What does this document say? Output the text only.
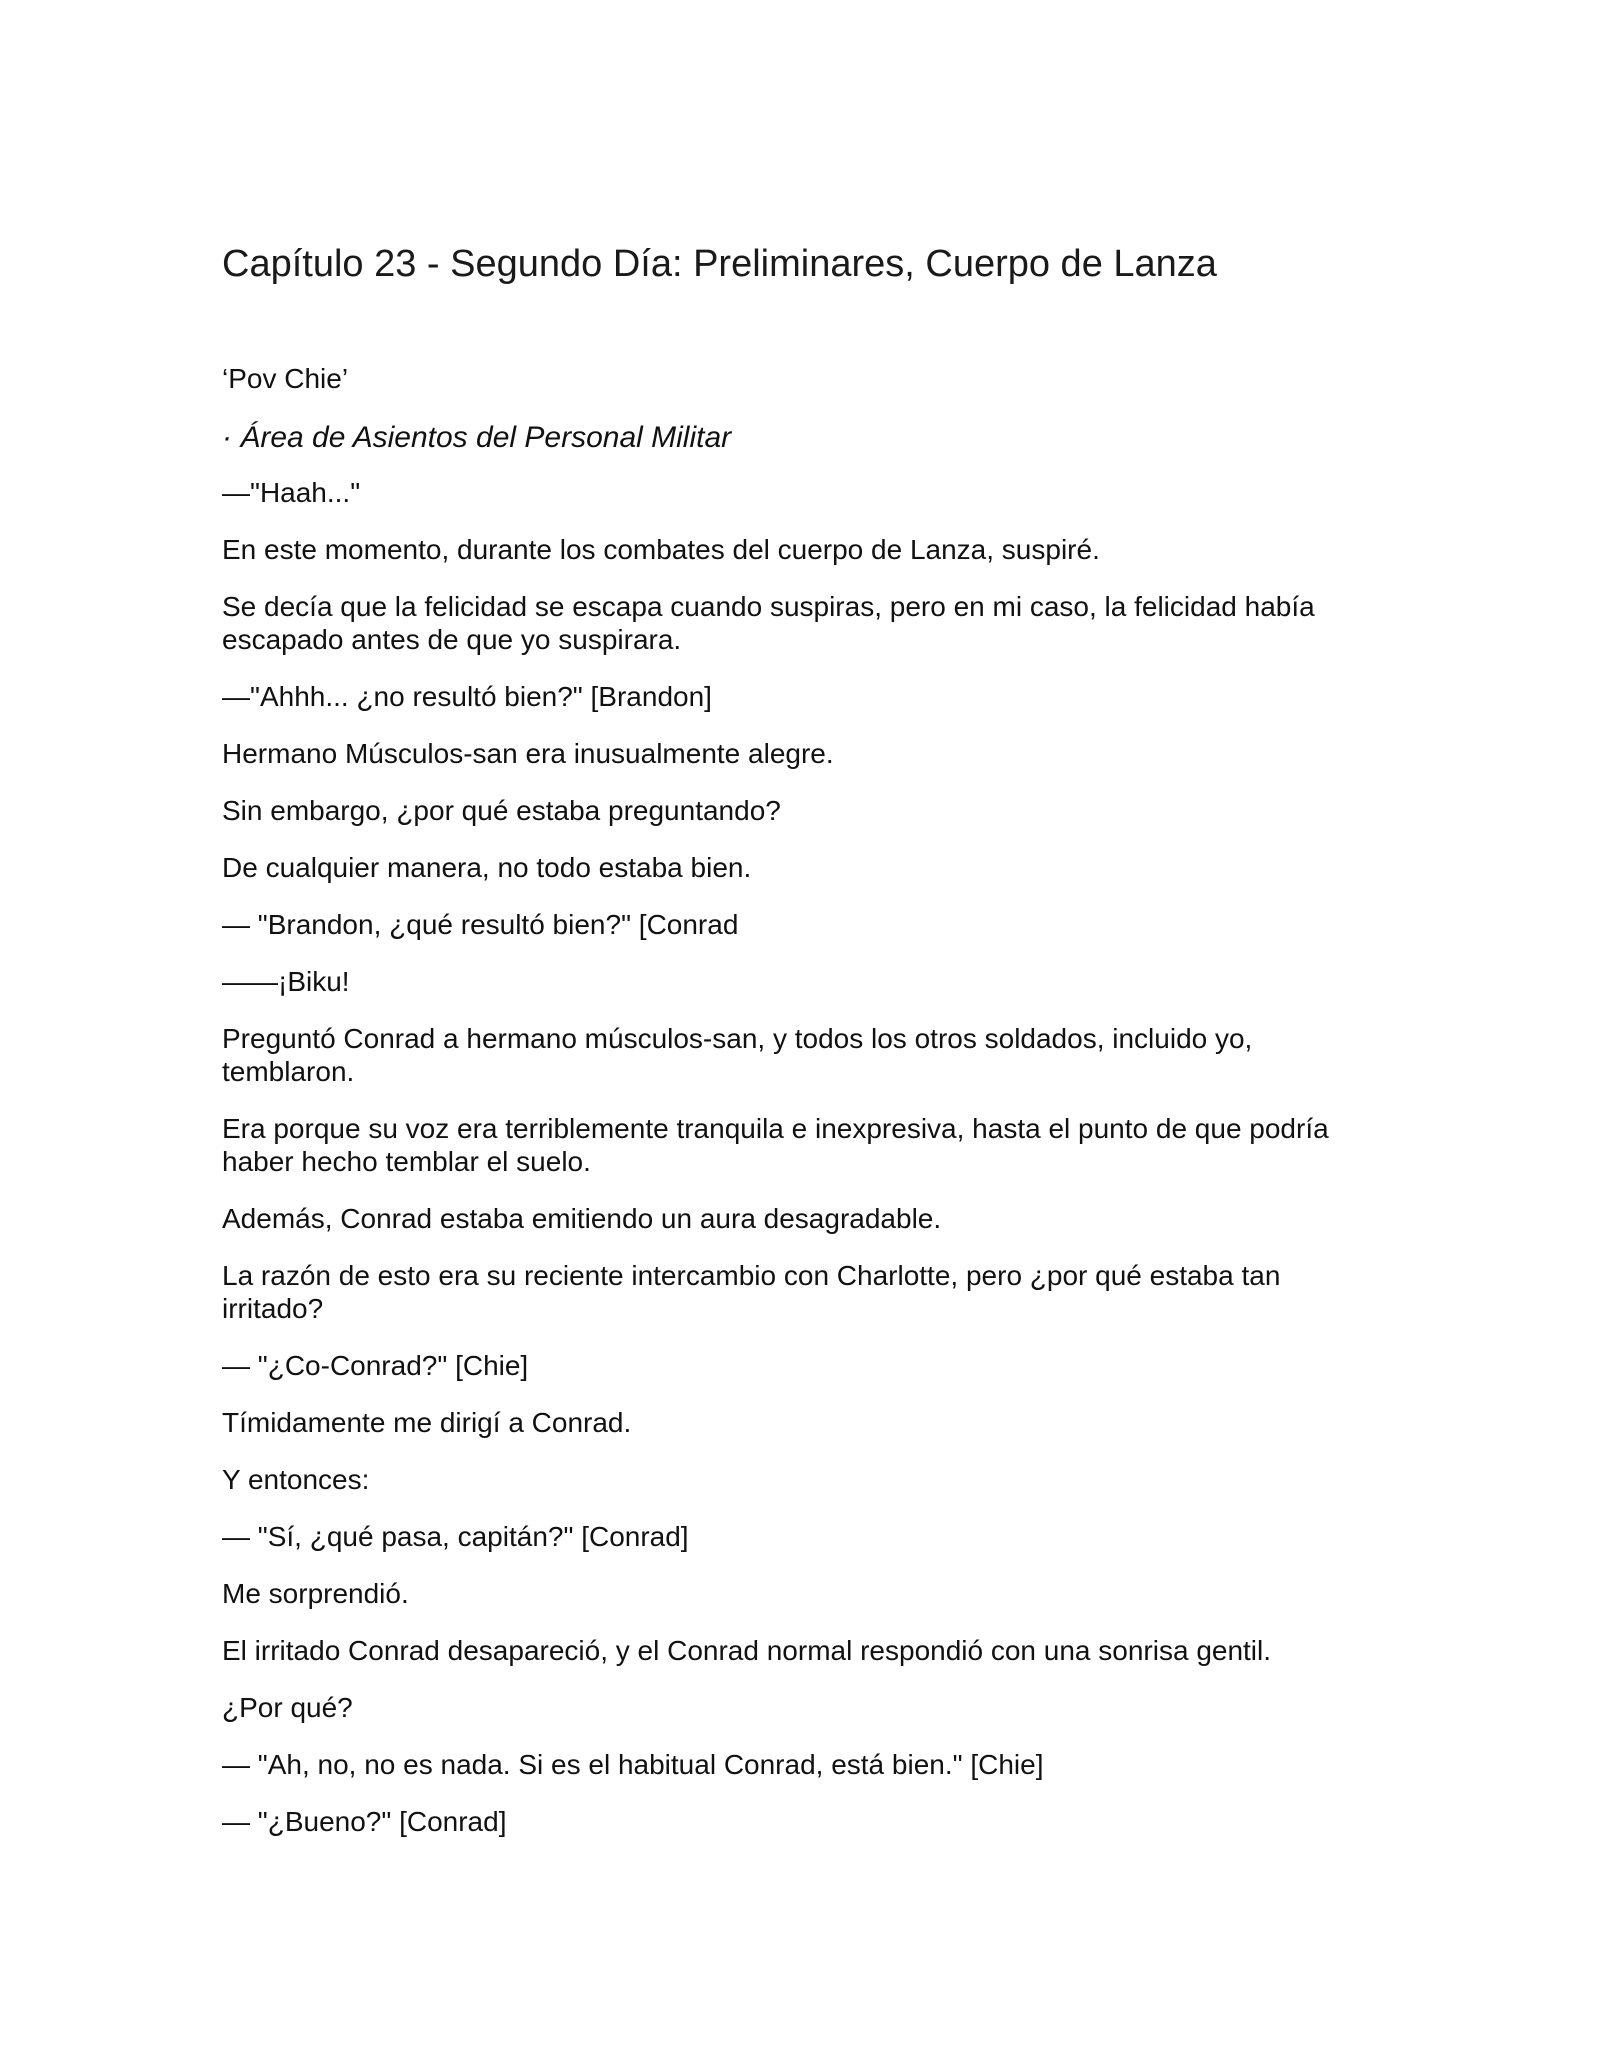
Capítulo 23 - Segundo Día: Preliminares, Cuerpo de Lanza

‘Pov Chie’

· Área de Asientos del Personal Militar

—"Haah..."

En este momento, durante los combates del cuerpo de Lanza, suspiré.

Se decía que la felicidad se escapa cuando suspiras, pero en mi caso, la felicidad había escapado antes de que yo suspirara.

—"Ahhh... ¿no resultó bien?" [Brandon]

Hermano Músculos-san era inusualmente alegre.

Sin embargo, ¿por qué estaba preguntando?

De cualquier manera, no todo estaba bien.

— "Brandon, ¿qué resultó bien?" [Conrad

——¡Biku!

Preguntó Conrad a hermano músculos-san, y todos los otros soldados, incluido yo, temblaron.

Era porque su voz era terriblemente tranquila e inexpresiva, hasta el punto de que podría haber hecho temblar el suelo.

Además, Conrad estaba emitiendo un aura desagradable.

La razón de esto era su reciente intercambio con Charlotte, pero ¿por qué estaba tan irritado?

— "¿Co-Conrad?" [Chie]

Tímidamente me dirigí a Conrad.

Y entonces:

— "Sí, ¿qué pasa, capitán?" [Conrad]

Me sorprendió.

El irritado Conrad desapareció, y el Conrad normal respondió con una sonrisa gentil.

¿Por qué?

— "Ah, no, no es nada. Si es el habitual Conrad, está bien." [Chie]

— "¿Bueno?" [Conrad]
